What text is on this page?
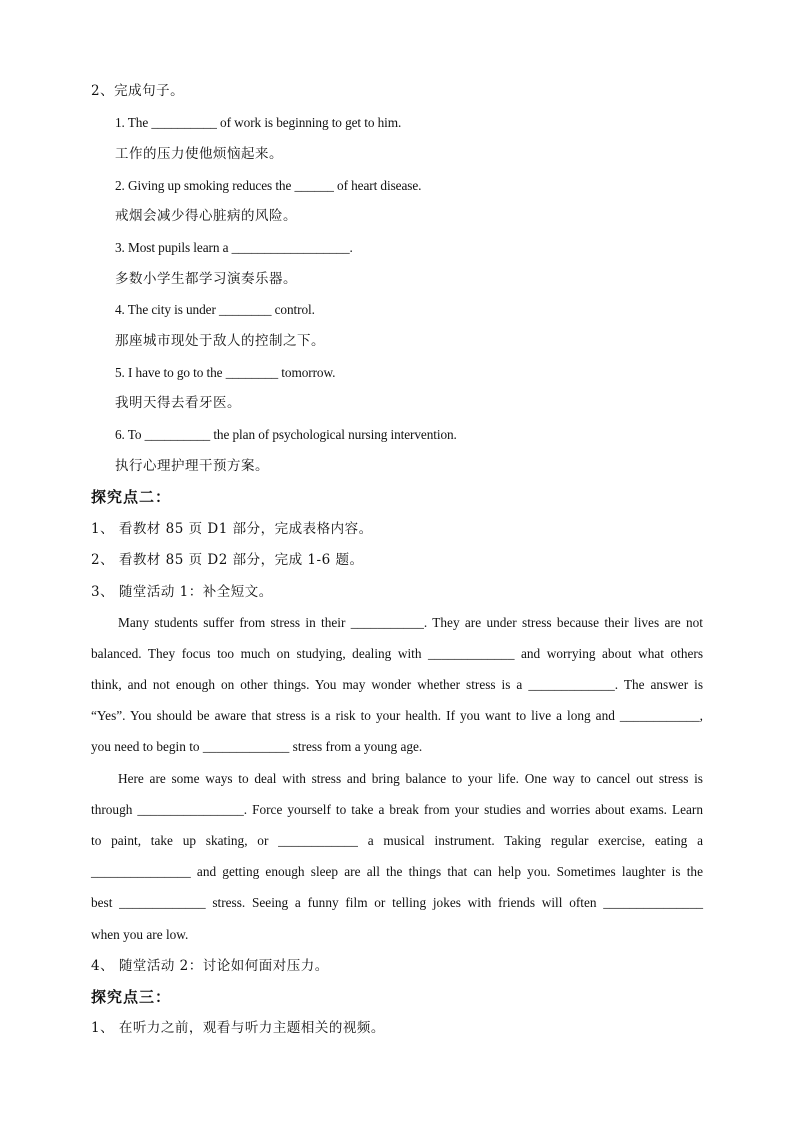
2、完成句子。
1. The __________ of work is beginning to get to him.
工作的压力使他烦恼起来。
2. Giving up smoking reduces the ______ of heart disease.
戒烟会减少得心脏病的风险。
3. Most pupils learn a __________________.
多数小学生都学习演奏乐器。
4. The city is under ________ control.
那座城市现处于敌人的控制之下。
5. I have to go to the ________ tomorrow.
我明天得去看牙医。
6. To __________ the plan of psychological nursing intervention.
执行心理护理干预方案。
探究点二：
1、 看教材 85 页 D1 部分，完成表格内容。
2、 看教材 85 页 D2 部分，完成 1-6 题。
3、 随堂活动 1：补全短文。
Many students suffer from stress in their ___________. They are under stress because their lives are not
balanced. They focus too much on studying, dealing with _____________ and worrying about what others
think, and not enough on other things. You may wonder whether stress is a _____________. The answer is
“Yes”. You should be aware that stress is a risk to your health. If you want to live a long and ____________,
you need to begin to _____________ stress from a young age.
Here are some ways to deal with stress and bring balance to your life. One way to cancel out stress is
through ________________. Force yourself to take a break from your studies and worries about exams. Learn
to paint, take up skating, or ____________ a musical instrument. Taking regular exercise, eating a
_______________ and getting enough sleep are all the things that can help you. Sometimes laughter is the
best _____________ stress. Seeing a funny film or telling jokes with friends will often _______________
when you are low.
4、 随堂活动 2：讨论如何面对压力。
探究点三：
1、 在听力之前，观看与听力主题相关的视频。
